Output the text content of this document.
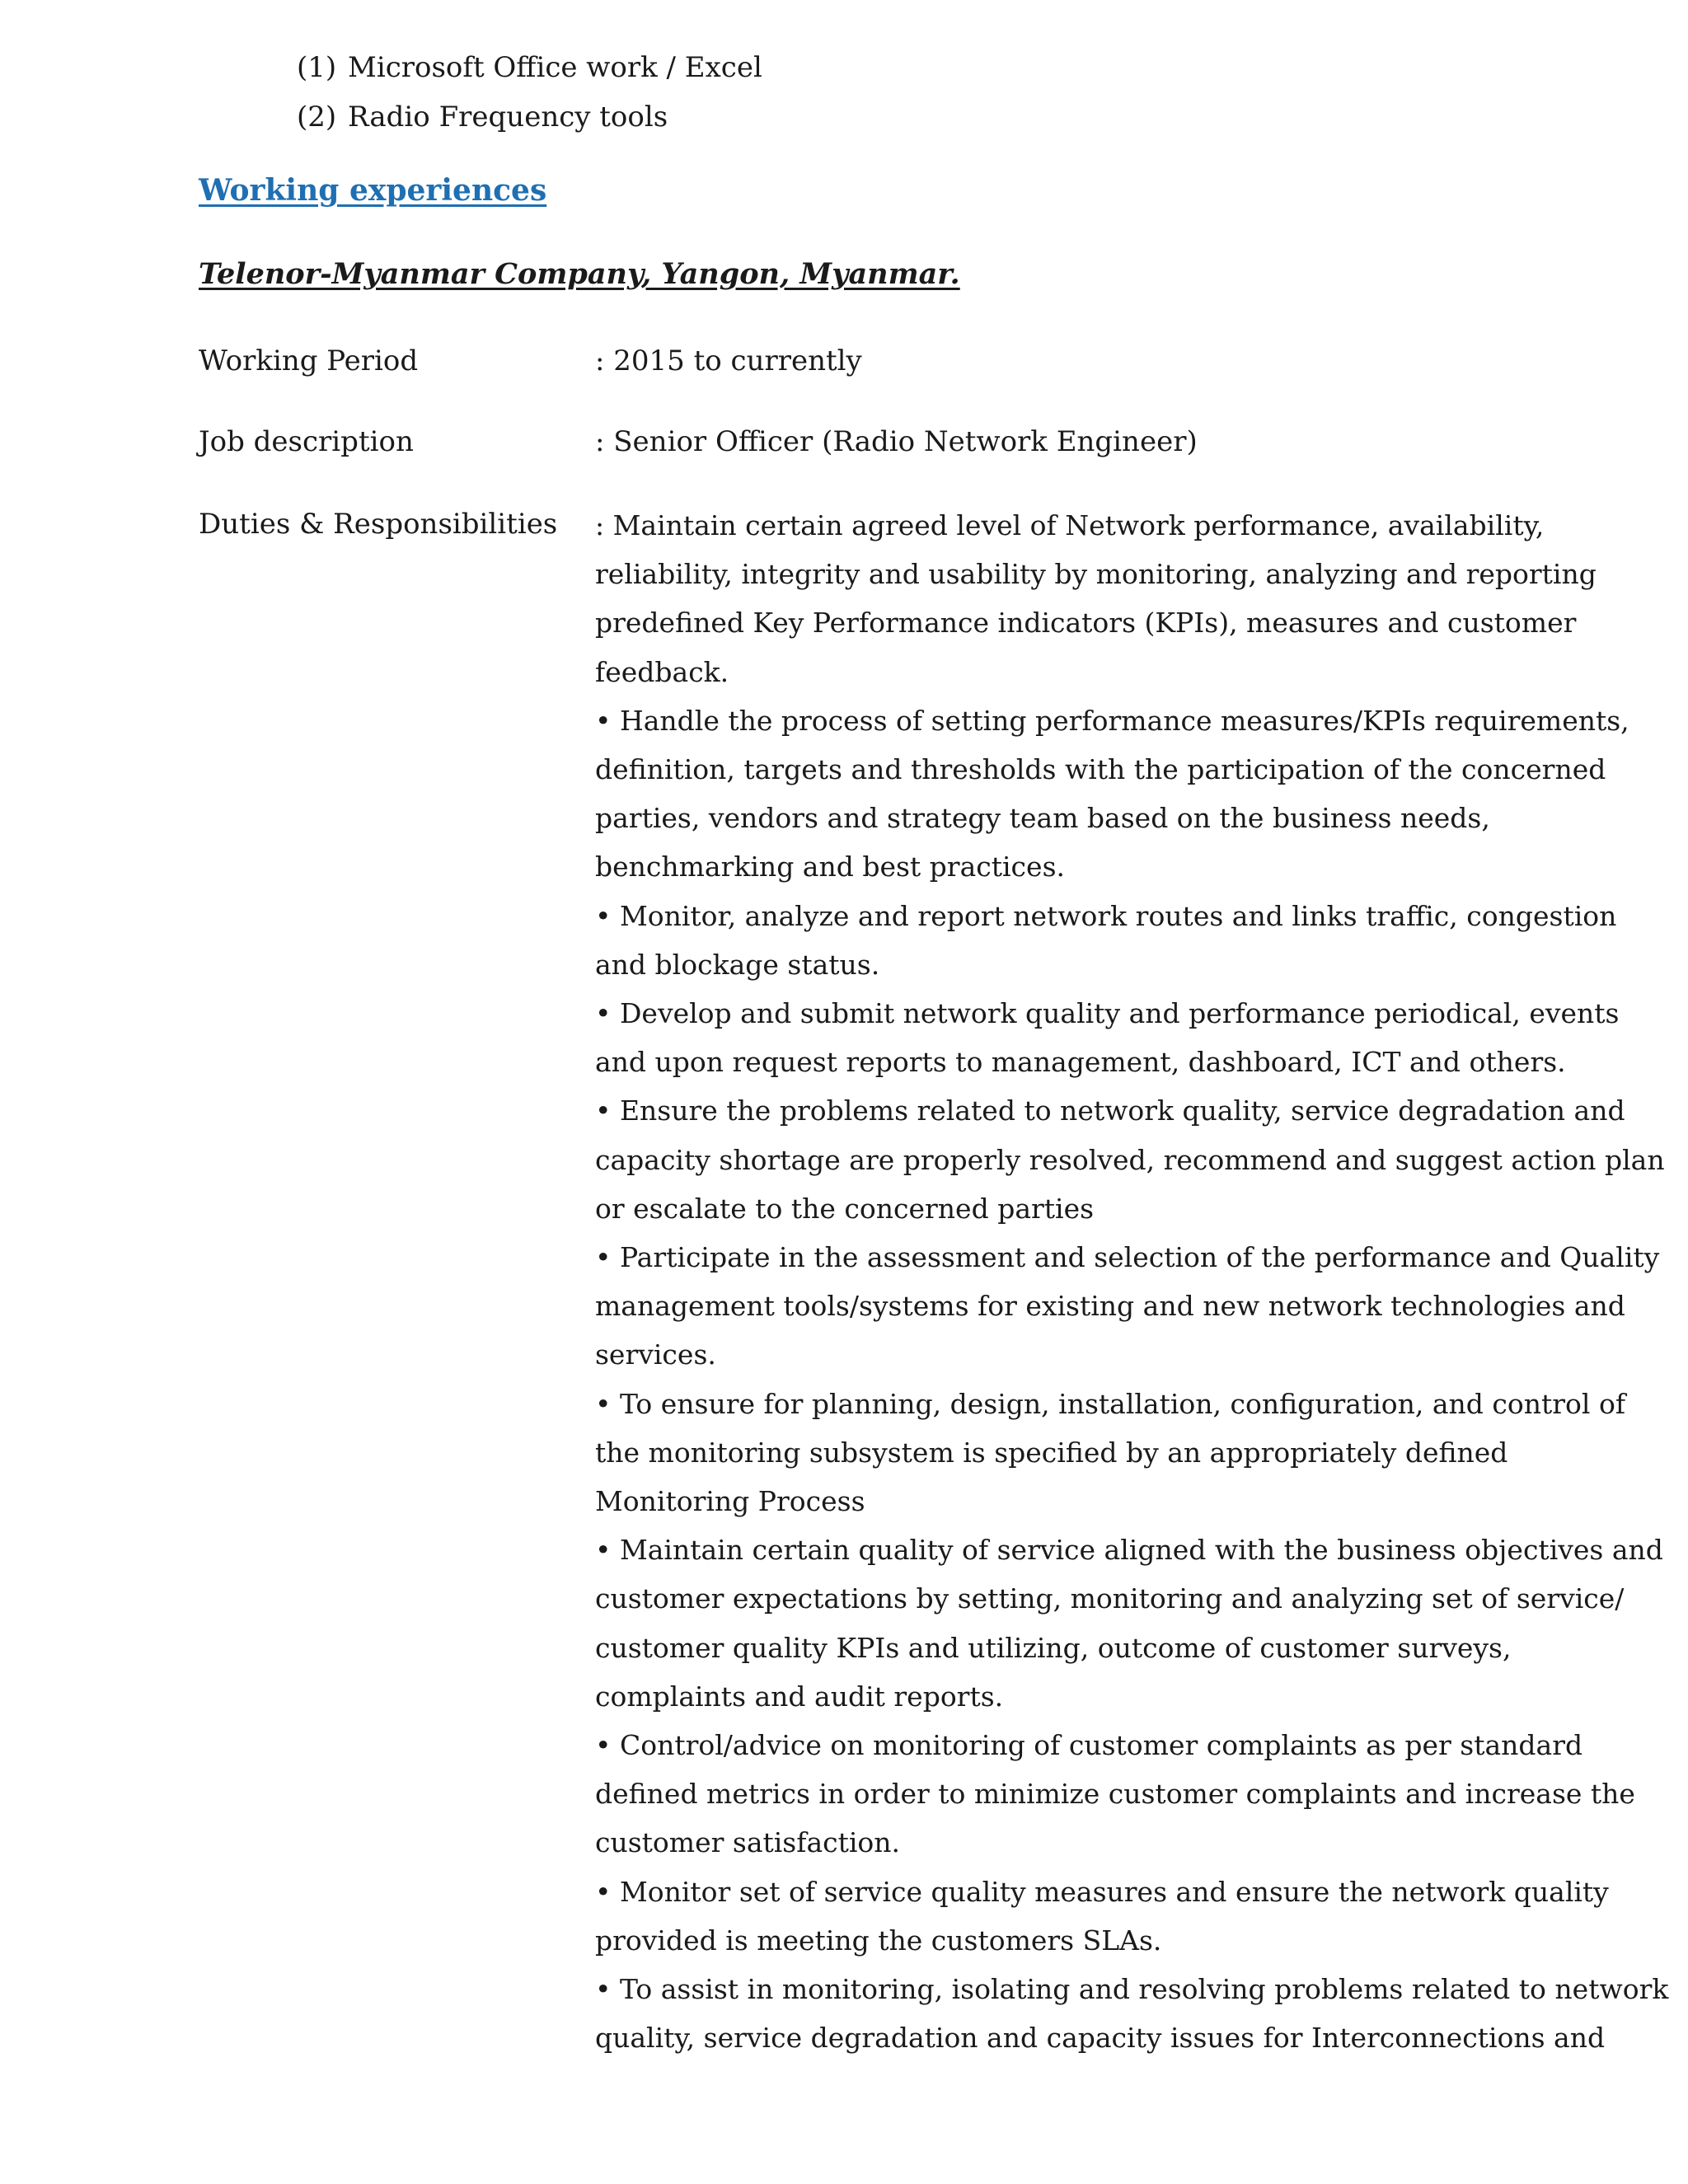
(1) Microsoft Office work / Excel
(2) Radio Frequency tools
Working experiences
Telenor-Myanmar Company, Yangon, Myanmar.
Working Period	: 2015 to currently
Job description	: Senior Officer (Radio Network Engineer)
Duties & Responsibilities : Maintain certain agreed level of Network performance, availability,
reliability, integrity and usability by monitoring, analyzing and reporting
predefined Key Performance indicators (KPIs), measures and customer
feedback.
• Handle the process of setting performance measures/KPIs requirements,
definition, targets and thresholds with the participation of the concerned
parties, vendors and strategy team based on the business needs,
benchmarking and best practices.
• Monitor, analyze and report network routes and links traffic, congestion
and blockage status.
• Develop and submit network quality and performance periodical, events
and upon request reports to management, dashboard, ICT and others.
• Ensure the problems related to network quality, service degradation and
capacity shortage are properly resolved, recommend and suggest action plan
or escalate to the concerned parties
• Participate in the assessment and selection of the performance and Quality
management tools/systems for existing and new network technologies and
services.
• To ensure for planning, design, installation, configuration, and control of
the monitoring subsystem is specified by an appropriately defined
Monitoring Process
• Maintain certain quality of service aligned with the business objectives and
customer expectations by setting, monitoring and analyzing set of service/
customer quality KPIs and utilizing, outcome of customer surveys,
complaints and audit reports.
• Control/advice on monitoring of customer complaints as per standard
defined metrics in order to minimize customer complaints and increase the
customer satisfaction.
• Monitor set of service quality measures and ensure the network quality
provided is meeting the customers SLAs.
• To assist in monitoring, isolating and resolving problems related to network
quality, service degradation and capacity issues for Interconnections and
